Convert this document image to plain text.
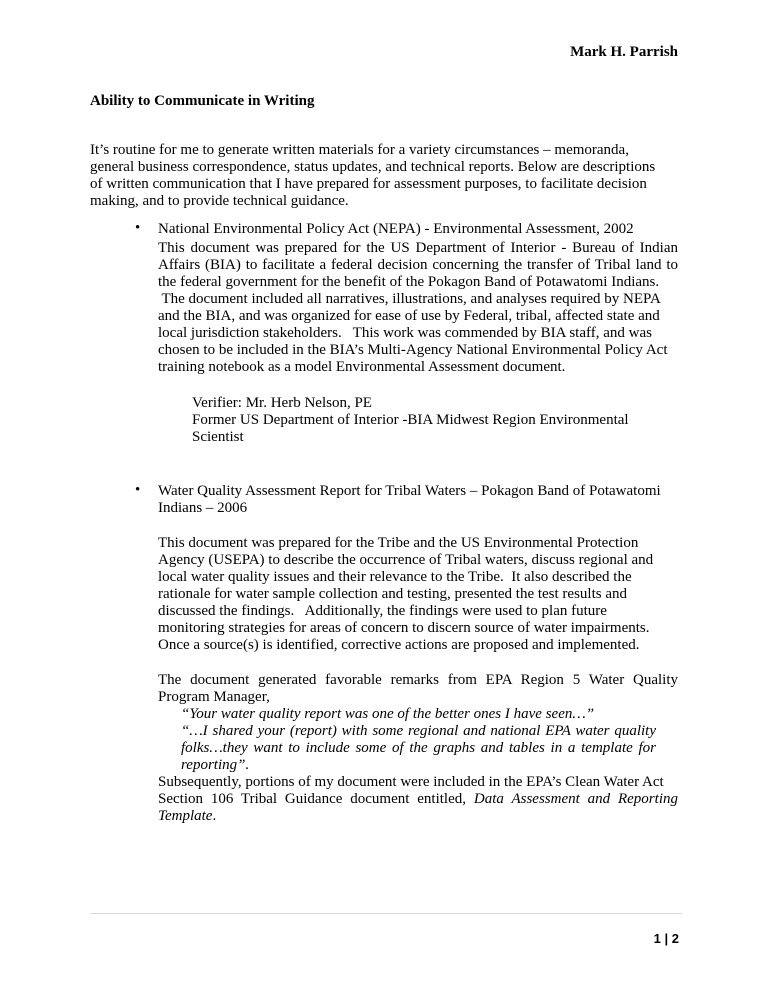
Mark H. Parrish

Ability to Communicate in Writing

It’s routine for me to generate written materials for a variety circumstances – memoranda,

general business correspondence, status updates, and technical reports. Below are descriptions

of written communication that I have prepared for assessment purposes, to facilitate decision

making, and to provide technical guidance.

• National Environmental Policy Act (NEPA) - Environmental Assessment, 2002

This document was prepared for the US Department of Interior - Bureau of Indian

Affairs (BIA) to facilitate a federal decision concerning the transfer of Tribal land to

the federal government for the benefit of the Pokagon Band of Potawatomi Indians.

The document included all narratives, illustrations, and analyses required by NEPA

and the BIA, and was organized for ease of use by Federal, tribal, affected state and

local jurisdiction stakeholders.   This work was commended by BIA staff, and was

chosen to be included in the BIA’s Multi-Agency National Environmental Policy Act

training notebook as a model Environmental Assessment document.

Verifier: Mr. Herb Nelson, PE

Former US Department of Interior -BIA Midwest Region Environmental

Scientist

• Water Quality Assessment Report for Tribal Waters – Pokagon Band of Potawatomi

Indians – 2006

This document was prepared for the Tribe and the US Environmental Protection

Agency (USEPA) to describe the occurrence of Tribal waters, discuss regional and

local water quality issues and their relevance to the Tribe.  It also described the

rationale for water sample collection and testing, presented the test results and

discussed the findings.   Additionally, the findings were used to plan future

monitoring strategies for areas of concern to discern source of water impairments.

Once a source(s) is identified, corrective actions are proposed and implemented.

The document generated favorable remarks from EPA Region 5 Water Quality

Program Manager,

“Your water quality report was one of the better ones I have seen…”

“…I shared your (report) with some regional and national EPA water quality

folks…they want to include some of the graphs and tables in a template for

reporting”.

Subsequently, portions of my document were included in the EPA’s Clean Water Act

Section 106 Tribal Guidance document entitled, Data Assessment and Reporting

Template.

1 | 2
